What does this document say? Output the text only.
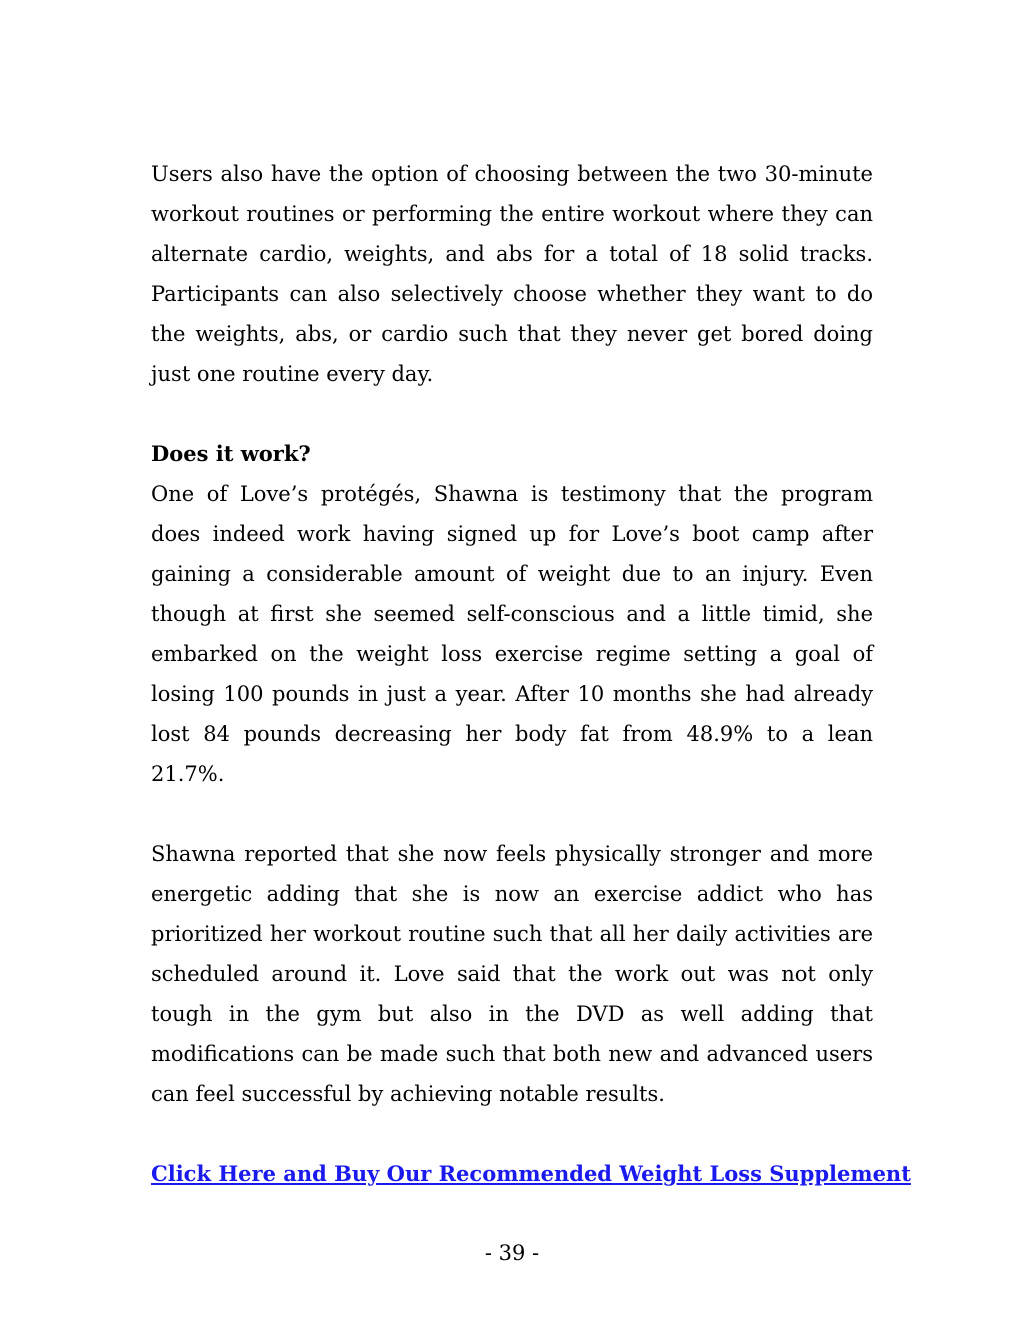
Users also have the option of choosing between the two 30-minute workout routines or performing the entire workout where they can alternate cardio, weights, and abs for a total of 18 solid tracks. Participants can also selectively choose whether they want to do the weights, abs, or cardio such that they never get bored doing just one routine every day.

Does it work?

One of Love’s protégés, Shawna is testimony that the program does indeed work having signed up for Love’s boot camp after gaining a considerable amount of weight due to an injury. Even though at first she seemed self-conscious and a little timid, she embarked on the weight loss exercise regime setting a goal of losing 100 pounds in just a year. After 10 months she had already lost 84 pounds decreasing her body fat from 48.9% to a lean 21.7%.

Shawna reported that she now feels physically stronger and more energetic adding that she is now an exercise addict who has prioritized her workout routine such that all her daily activities are scheduled around it. Love said that the work out was not only tough in the gym but also in the DVD as well adding that modifications can be made such that both new and advanced users can feel successful by achieving notable results.

Click Here and Buy Our Recommended Weight Loss Supplement

- 39 -
